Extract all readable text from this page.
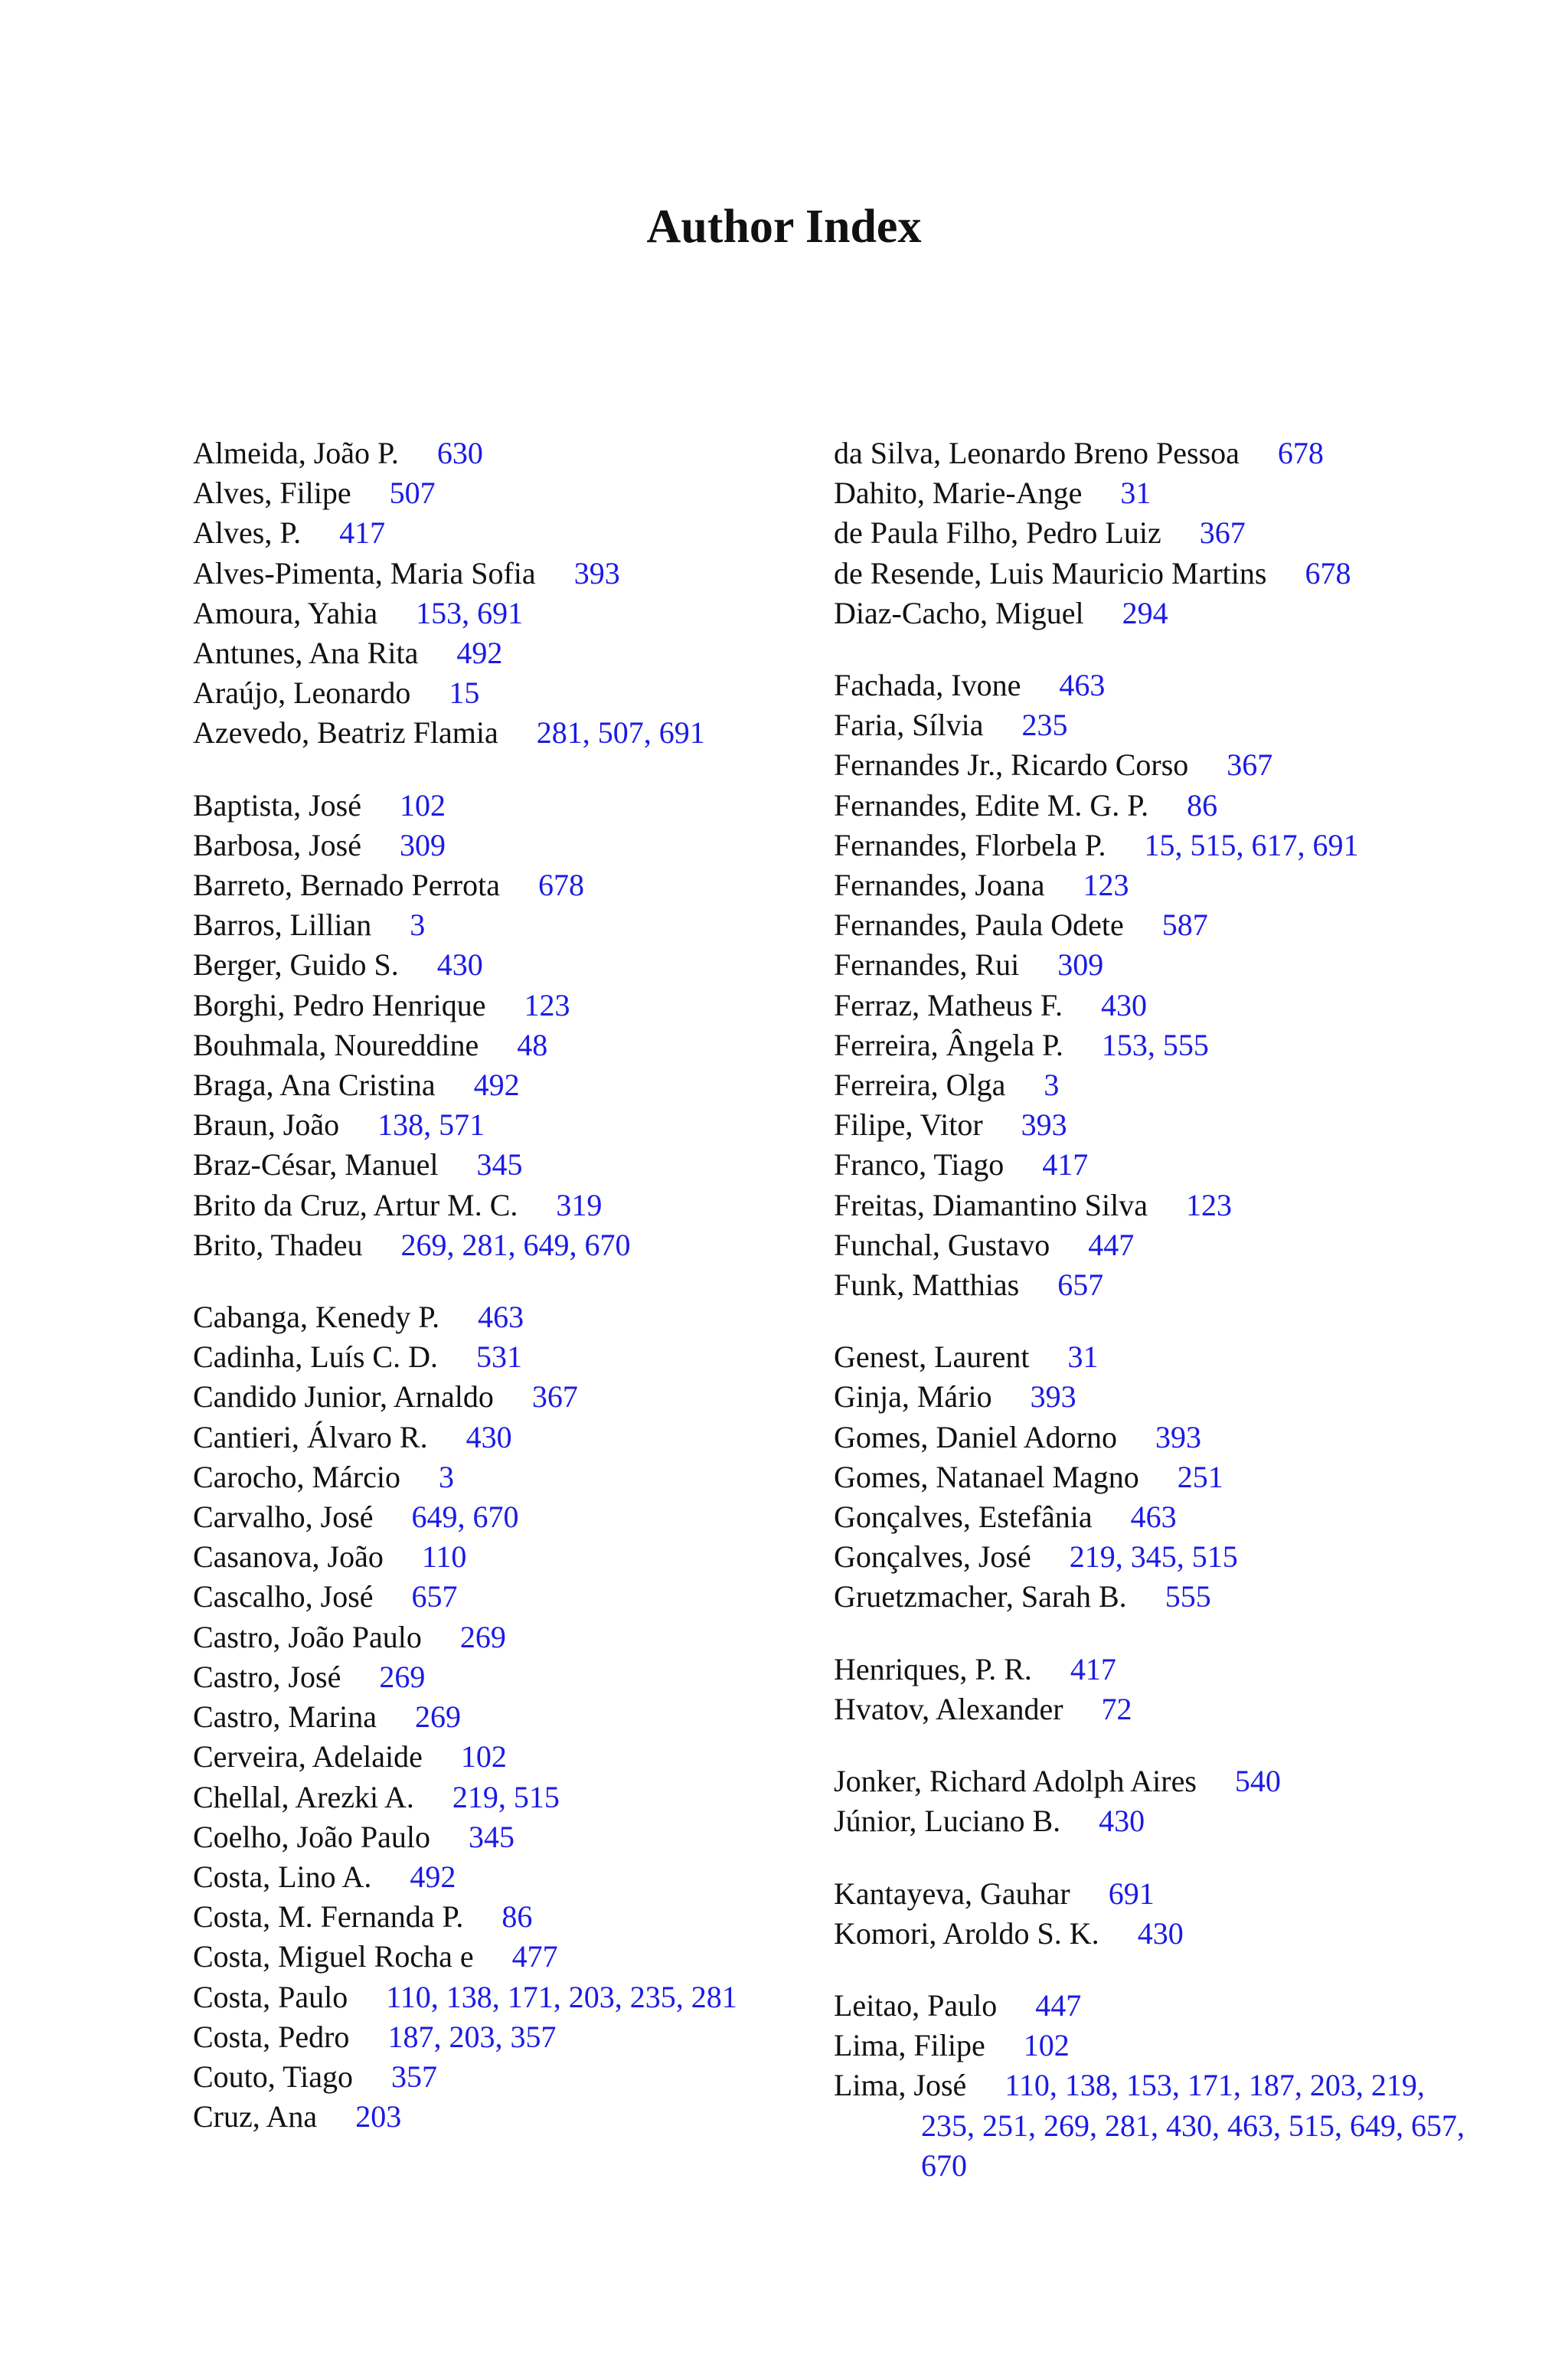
Author Index
Almeida, João P. 630
Alves, Filipe 507
Alves, P. 417
Alves-Pimenta, Maria Sofia 393
Amoura, Yahia 153, 691
Antunes, Ana Rita 492
Araújo, Leonardo 15
Azevedo, Beatriz Flamia 281, 507, 691
Baptista, José 102
Barbosa, José 309
Barreto, Bernado Perrota 678
Barros, Lillian 3
Berger, Guido S. 430
Borghi, Pedro Henrique 123
Bouhmala, Noureddine 48
Braga, Ana Cristina 492
Braun, João 138, 571
Braz-César, Manuel 345
Brito da Cruz, Artur M. C. 319
Brito, Thadeu 269, 281, 649, 670
Cabanga, Kenedy P. 463
Cadinha, Luís C. D. 531
Candido Junior, Arnaldo 367
Cantieri, Álvaro R. 430
Carocho, Márcio 3
Carvalho, José 649, 670
Casanova, João 110
Cascalho, José 657
Castro, João Paulo 269
Castro, José 269
Castro, Marina 269
Cerveira, Adelaide 102
Chellal, Arezki A. 219, 515
Coelho, João Paulo 345
Costa, Lino A. 492
Costa, M. Fernanda P. 86
Costa, Miguel Rocha e 477
Costa, Paulo 110, 138, 171, 203, 235, 281
Costa, Pedro 187, 203, 357
Couto, Tiago 357
Cruz, Ana 203
da Silva, Leonardo Breno Pessoa 678
Dahito, Marie-Ange 31
de Paula Filho, Pedro Luiz 367
de Resende, Luis Mauricio Martins 678
Diaz-Cacho, Miguel 294
Fachada, Ivone 463
Faria, Sílvia 235
Fernandes Jr., Ricardo Corso 367
Fernandes, Edite M. G. P. 86
Fernandes, Florbela P. 15, 515, 617, 691
Fernandes, Joana 123
Fernandes, Paula Odete 587
Fernandes, Rui 309
Ferraz, Matheus F. 430
Ferreira, Ângela P. 153, 555
Ferreira, Olga 3
Filipe, Vitor 393
Franco, Tiago 417
Freitas, Diamantino Silva 123
Funchal, Gustavo 447
Funk, Matthias 657
Genest, Laurent 31
Ginja, Mário 393
Gomes, Daniel Adorno 393
Gomes, Natanael Magno 251
Gonçalves, Estefânia 463
Gonçalves, José 219, 345, 515
Gruetzmacher, Sarah B. 555
Henriques, P. R. 417
Hvatov, Alexander 72
Jonker, Richard Adolph Aires 540
Júnior, Luciano B. 430
Kantayeva, Gauhar 691
Komori, Aroldo S. K. 430
Leitao, Paulo 447
Lima, Filipe 102
Lima, José 110, 138, 153, 171, 187, 203, 219, 235, 251, 269, 281, 430, 463, 515, 649, 657, 670
